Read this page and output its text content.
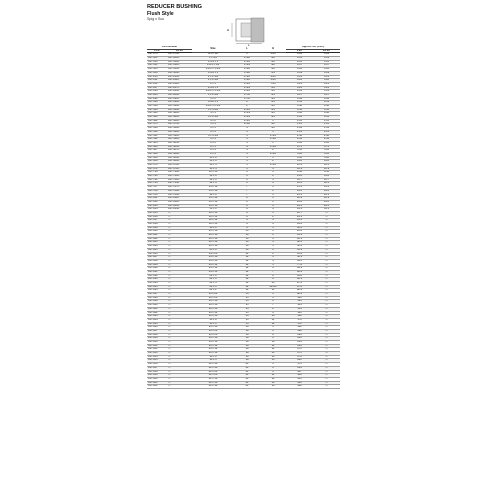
REDUCER BUSHING
Flush Style
Spig x Soc
H
L
Part Number		Size	L	H	Approx. Wt. (Lbs.)	
PVC	CPVC				PVC	CPVC
837-073	837-073C	3/4 x 1/2	1	1/16	0.02	0.02
837-101	837-101C	1 x 1/2	1-1/8	3/8	0.03	0.03
837-130	837-130C	1-1/4 x 1	1-1/4	1/8	0.05	0.05
837-131	837-131C	1-1/4 x 1/2	1-1/4	3/8	0.07	0.07
837-166	837-166C	1-1/2 x 1-1/4	1-3/8	1/8	0.06	0.06
837-168	837-168C	1-1/2 x 1	1-3/8	1/4	0.09	0.09
837-210	837-210C	2 x 1-1/2	1-1/2	3/16	0.14	0.14
837-211	837-211C	2 x 1-1/4	1-1/2	5/16	0.18	0.18
837-212	837-212C	2 x 1	1-1/2	7/16	0.21	0.21
837-247	837-247C	2-1/2 x 2	1-3/4	1/4	0.22	0.22
837-249	837-249C	2-1/2 x 1-1/2	1-3/4	1/2	0.33	0.33
837-289	837-289C	3 x 2-1/2	1-7/8	1/4	0.27	0.27
837-291	837-291C	3 x 2	1-7/8	1/2	0.44	0.44
837-338	837-338C	3-1/2 x 3	2	1/4	0.33	0.33
837-339	837-339C	3-1/2 x 2-1/2	2	1/2	0.48	0.48
837-419	837-419C	4 x 3-1/2	2-1/4	1/4	0.45	0.45
837-420	837-420C	4 x 3	2-1/4	1/2	0.68	0.68
837-421	837-421C	4 x 2-1/2	2-1/4	3/4	0.91	0.91
837-422	837-422C	4 x 2	2-1/4	1	1.05	1.05
837-475	837-475C	5 x 4	2-5/8	1/2	1.10	1.10
837-528	837-528C	6 x 5	3	1/2	1.32	1.32
837-530	837-530C	6 x 4	3	1	2.14	2.14
837-531	837-531C	6 x 3-1/2	3	1-1/4	2.40	2.40
837-532	837-532C	6 x 3	3	1-1/2	2.62	2.62
837-585	837-585C	8 x 6	4	1	3.85	3.85
837-586	837-586C	8 x 5	4	1-1/2	4.74	4.74
837-587	837-587C	8 x 4	4	2	5.45	5.45
837-588	837-588C	8 x 3	4	2-1/2	5.95	5.95
837-668	837-668C	10 x 8	5	1	6.60	6.60
837-669	837-669C	10 x 6	5	2	9.10	9.10
837-670	837-670C	10 x 5	5	2-1/2	10.2	10.2
837-672	837-672C	10 x 4	5	3	10.9	10.9
837-739	837-739C	12 x 10	6	1	9.50	9.50
837-740	837-740C	12 x 8	6	2	13.8	13.8
837-742	837-742C	12 x 6	6	3	16.7	16.7
837-744	837-744C	12 x 4	6	4	18.4	18.4
837-787	837-787C	14 x 12	7	1	15.2	15.2
837-788	837-788C	14 x 10	7	2	19.6	19.6
837-789	837-789C	14 x 8	7	3	23.1	23.1
837-811	837-811C	16 x 14	8	1	18.9	18.9
837-812	837-812C	16 x 12	8	2	24.8	24.8
837-813	837-813C	16 x 10	8	3	29.5	29.5
837-814	837-814C	16 x 8	8	4	33.1	33.1
837-815	—	18 x 16	9	1	22.7	—
837-816	—	18 x 14	9	2	29.3	—
837-817	—	18 x 12	9	3	35.0	—
837-818	—	18 x 10	9	4	39.4	—
837-819	—	18 x 8	9	5	42.6	—
837-820	—	20 x 18	10	1	26.8	—
837-821	—	20 x 16	10	2	34.9	—
837-822	—	20 x 14	10	3	42.1	—
837-823	—	20 x 12	10	4	48.0	—
837-824	—	20 x 10	10	5	52.6	—
837-825	—	20 x 8	10	6	55.9	—
837-826	—	24 x 20	12	2	45.8	—
837-827	—	24 x 18	12	3	58.3	—
837-828	—	24 x 16	12	4	69.0	—
837-829	—	24 x 14	12	5	77.8	—
837-830	—	24 x 12	12	6	84.9	—
837-831	—	24 x 10	12	7	90.2	—
837-832	—	24 x 8	12	8	93.8	—
837-833	—	24 x 6	12	9	96.1	—
837-834	—	24 x 4	12	10	97.4	—
837-835	—	24 x 3	12	10-1/2	97.8	—
837-836	—	24 x 2	12	11	98.2	—
837-837	—	30 x 24	15	3	88.6	—
837-838	—	30 x 20	15	5	121	—
837-839	—	30 x 18	15	6	134	—
837-840	—	30 x 16	15	7	145	—
837-841	—	30 x 14	15	8	154	—
837-842	—	30 x 12	15	9	161	—
837-843	—	30 x 10	15	10	166	—
837-844	—	30 x 8	15	11	170	—
837-845	—	30 x 6	15	12	172	—
837-846	—	36 x 30	18	3	132	—
837-847	—	36 x 24	18	6	198	—
837-848	—	36 x 20	18	8	229	—
837-849	—	36 x 18	18	9	243	—
837-850	—	36 x 16	18	10	254	—
837-851	—	36 x 14	18	11	263	—
837-852	—	36 x 12	18	12	270	—
837-853	—	36 x 10	18	13	275	—
837-854	—	36 x 8	18	14	279	—
837-855	—	36 x 6	18	15	281	—
837-856	—	42 x 36	21	3	176	—
837-857	—	42 x 30	21	6	264	—
837-858	—	42 x 24	21	9	347	—
837-859	—	42 x 20	21	11	389	—
837-860	—	42 x 18	21	12	405	—
837-861	—	42 x 16	21	13	418	—
837-862	—	42 x 14	21	14	428	—
